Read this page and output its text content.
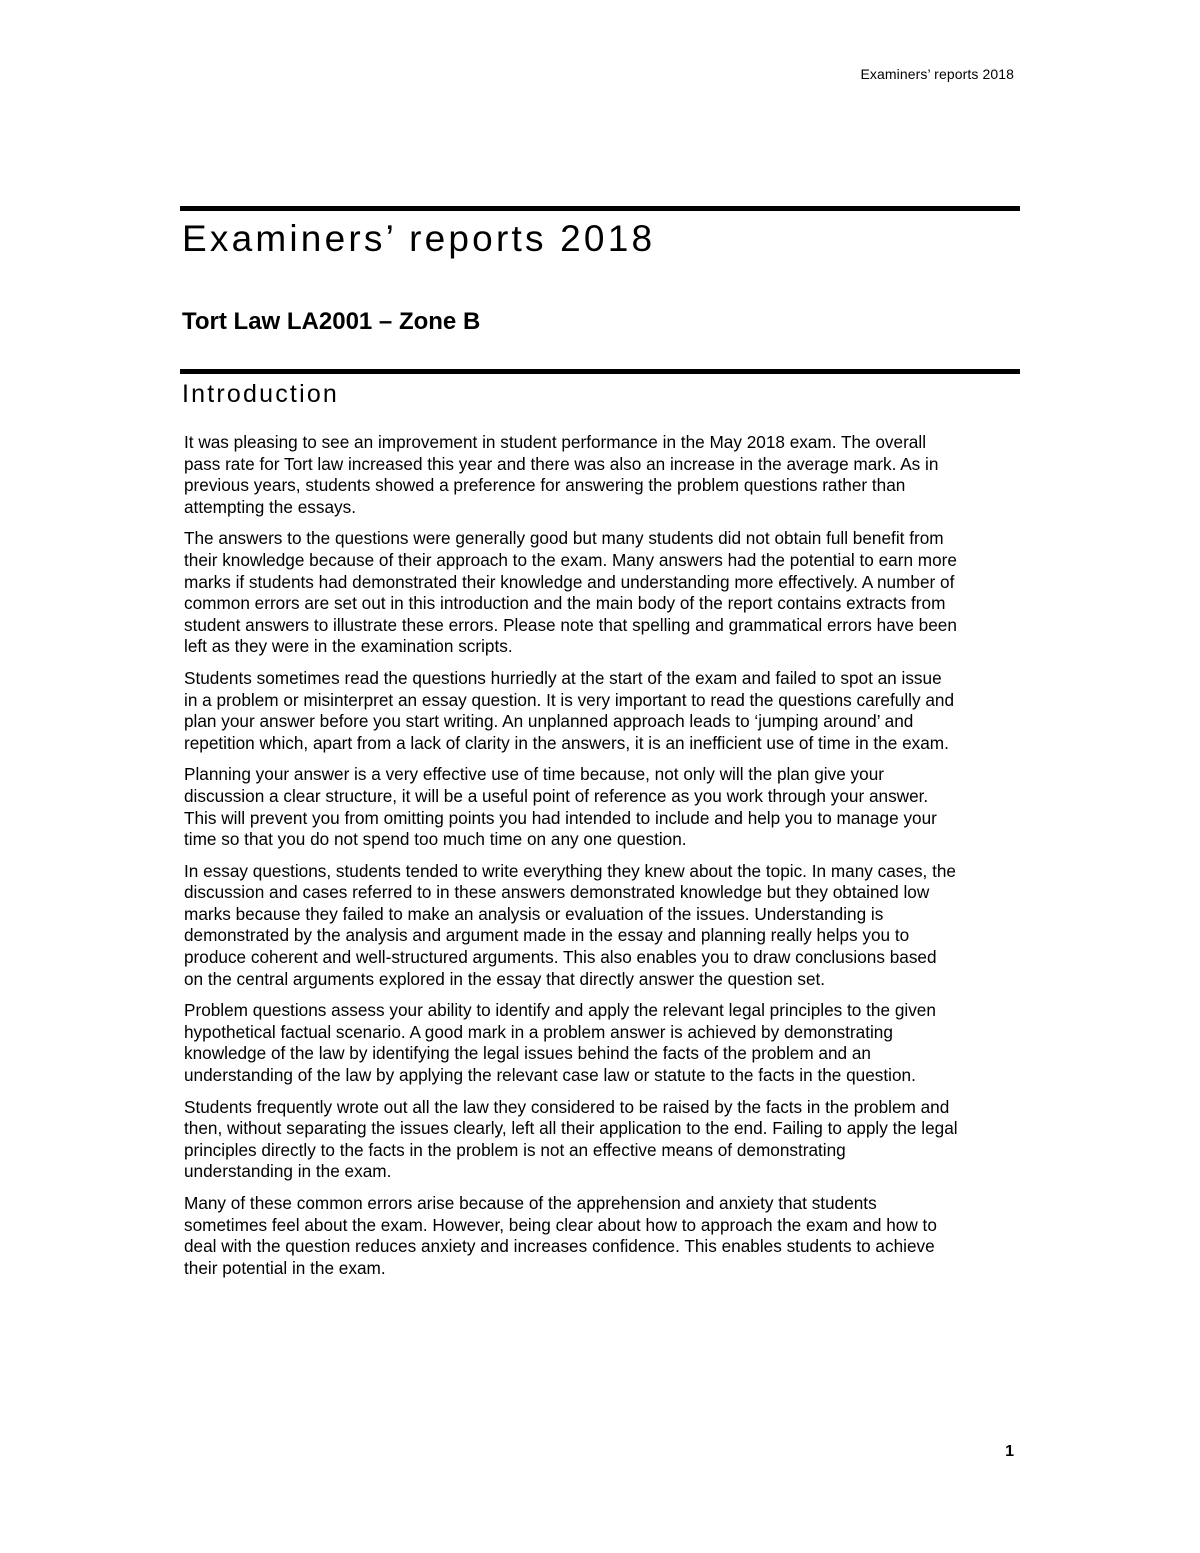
Examiners’ reports 2018
Examiners’ reports 2018
Tort Law LA2001 – Zone B
Introduction

It was pleasing to see an improvement in student performance in the May 2018 exam. The overall
pass rate for Tort law increased this year and there was also an increase in the average mark. As in
previous years, students showed a preference for answering the problem questions rather than
attempting the essays.

The answers to the questions were generally good but many students did not obtain full benefit from
their knowledge because of their approach to the exam. Many answers had the potential to earn more
marks if students had demonstrated their knowledge and understanding more effectively. A number of
common errors are set out in this introduction and the main body of the report contains extracts from
student answers to illustrate these errors. Please note that spelling and grammatical errors have been
left as they were in the examination scripts.

Students sometimes read the questions hurriedly at the start of the exam and failed to spot an issue
in a problem or misinterpret an essay question. It is very important to read the questions carefully and
plan your answer before you start writing. An unplanned approach leads to ‘jumping around’ and
repetition which, apart from a lack of clarity in the answers, it is an inefficient use of time in the exam.

Planning your answer is a very effective use of time because, not only will the plan give your
discussion a clear structure, it will be a useful point of reference as you work through your answer.
This will prevent you from omitting points you had intended to include and help you to manage your
time so that you do not spend too much time on any one question.

In essay questions, students tended to write everything they knew about the topic. In many cases, the
discussion and cases referred to in these answers demonstrated knowledge but they obtained low
marks because they failed to make an analysis or evaluation of the issues. Understanding is
demonstrated by the analysis and argument made in the essay and planning really helps you to
produce coherent and well-structured arguments. This also enables you to draw conclusions based
on the central arguments explored in the essay that directly answer the question set.

Problem questions assess your ability to identify and apply the relevant legal principles to the given
hypothetical factual scenario. A good mark in a problem answer is achieved by demonstrating
knowledge of the law by identifying the legal issues behind the facts of the problem and an
understanding of the law by applying the relevant case law or statute to the facts in the question.

Students frequently wrote out all the law they considered to be raised by the facts in the problem and
then, without separating the issues clearly, left all their application to the end. Failing to apply the legal
principles directly to the facts in the problem is not an effective means of demonstrating
understanding in the exam.

Many of these common errors arise because of the apprehension and anxiety that students
sometimes feel about the exam. However, being clear about how to approach the exam and how to
deal with the question reduces anxiety and increases confidence. This enables students to achieve
their potential in the exam.

1
